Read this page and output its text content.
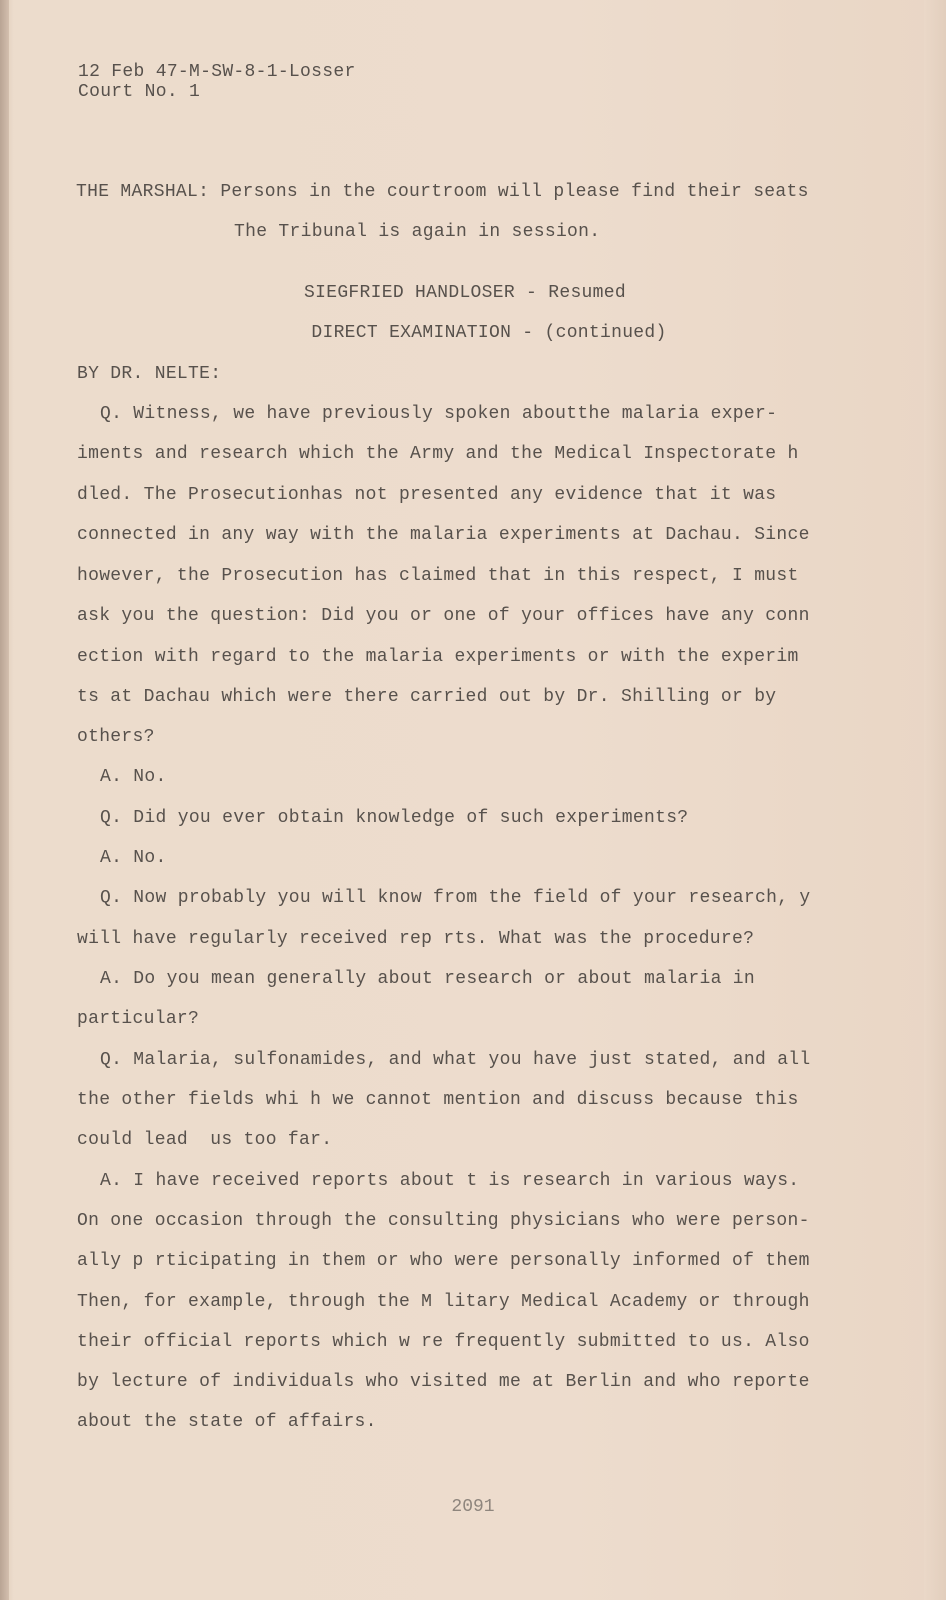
12 Feb 47-M-SW-8-1-Losser
Court No. 1
THE MARSHAL: Persons in the courtroom will please find their seats
The Tribunal is again in session.
SIEGFRIED HANDLOSER - Resumed
DIRECT EXAMINATION - (continued)
BY DR. NELTE:
Q. Witness, we have previously spoken aboutthe malaria exper-
iments and research which the Army and the Medical Inspectorate h
dled. The Prosecutionhas not presented any evidence that it was
connected in any way with the malaria experiments at Dachau. Since
however, the Prosecution has claimed that in this respect, I must
ask you the question: Did you or one of your offices have any conn
ection with regard to the malaria experiments or with the experim
ts at Dachau which were there carried out by Dr. Shilling or by
others?
A. No.
Q. Did you ever obtain knowledge of such experiments?
A. No.
Q. Now probably you will know from the field of your research, y
will have regularly received rep rts. What was the procedure?
A. Do you mean generally about research or about malaria in
particular?
Q. Malaria, sulfonamides, and what you have just stated, and all
the other fields whi h we cannot mention and discuss because this
could lead  us too far.
A. I have received reports about t is research in various ways.
On one occasion through the consulting physicians who were person-
ally p rticipating in them or who were personally informed of them
Then, for example, through the M litary Medical Academy or through
their official reports which w re frequently submitted to us. Also
by lecture of individuals who visited me at Berlin and who reporte
about the state of affairs.
2091
